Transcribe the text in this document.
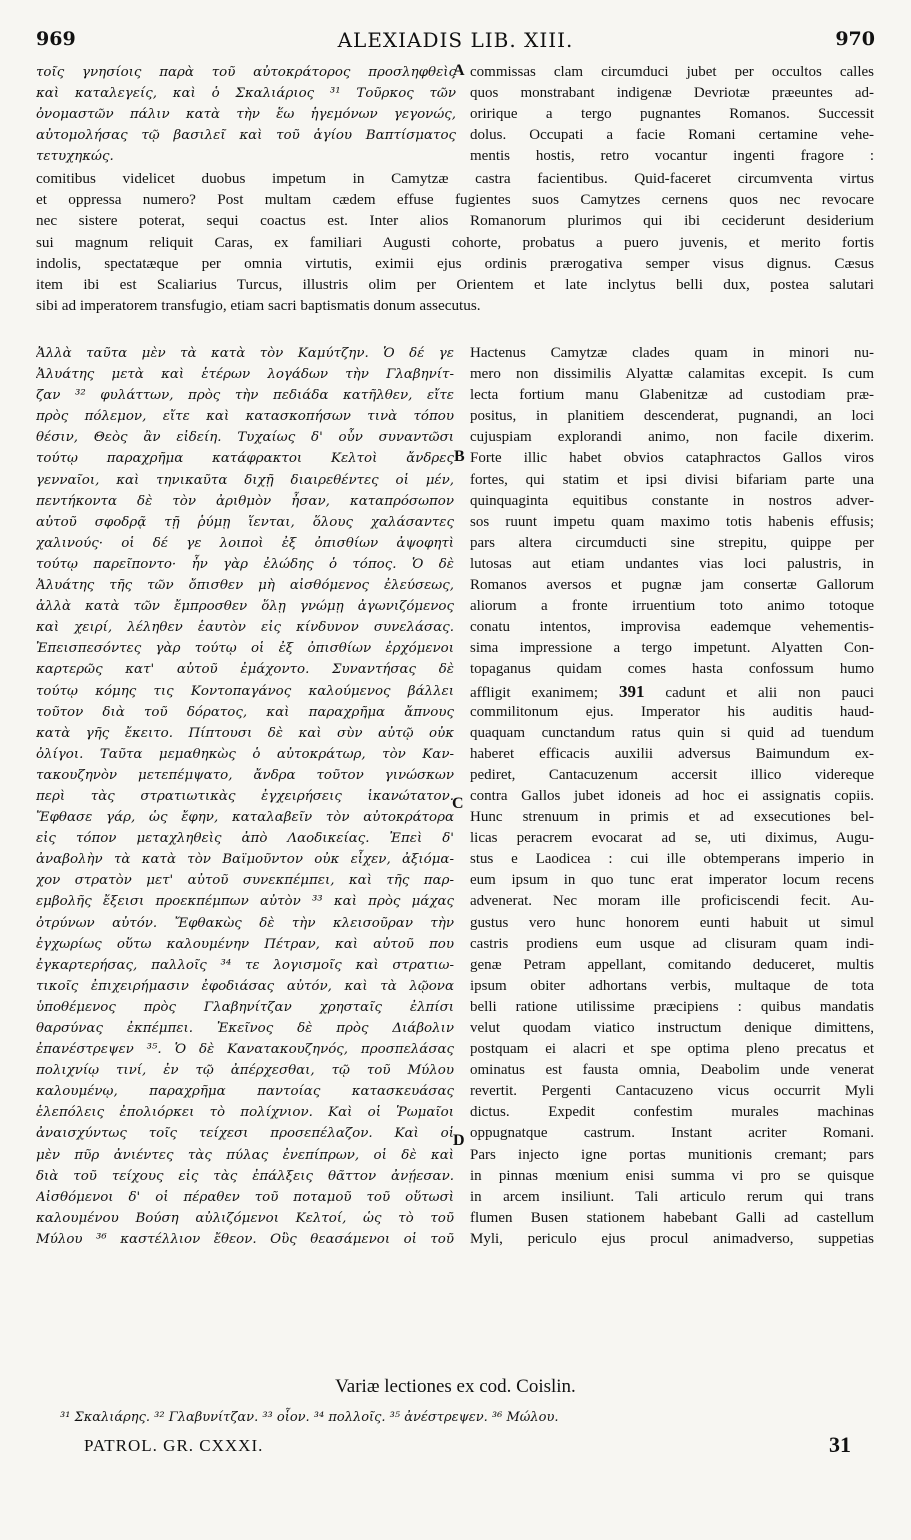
969	ALEXIADIS LIB. XIII.	970
τοῖς γνησίοις παρὰ τοῦ αὐτοκράτορος προσληφθεὶς
καὶ καταλεγείς, καὶ ὁ Σκαλιάριος ³¹ Τοῦρκος τῶν
ὀνομαστῶν πάλιν κατὰ τὴν ἕω ἡγεμόνων γεγονώς,
αὐτομολήσας τῷ βασιλεῖ καὶ τοῦ ἁγίου Βαπτίσματος
τετυχηκώς.
commissas clam circumduci jubet per occultos calles
quos monstrabant indigenæ Devriotæ præeuntes ad-
oririque a tergo pugnantes Romanos. Successit
dolus. Occupati a facie Romani certamine vehe-
mentis hostis, retro vocantur ingenti fragore :
A
comitibus videlicet duobus impetum in Camytzæ castra facientibus. Quid-faceret circumventa virtus
et oppressa numero? Post multam cædem effuse fugientes suos Camytzes cernens quos nec revocare
nec sistere poterat, sequi coactus est. Inter alios Romanorum plurimos qui ibi ceciderunt desiderium
sui magnum reliquit Caras, ex familiari Augusti cohorte, probatus a puero juvenis, et merito fortis
indolis, spectatæque per omnia virtutis, eximii ejus ordinis prærogativa semper visus dignus. Cæsus
item ibi est Scaliarius Turcus, illustris olim per Orientem et late inclytus belli dux, postea salutari
sibi ad imperatorem transfugio, etiam sacri baptismatis donum assecutus.
Ἀλλὰ ταῦτα μὲν τὰ κατὰ τὸν Καμύτζην. Ὁ δέ γε
Ἀλυάτης μετὰ καὶ ἑτέρων λογάδων τὴν Γλαβηνίτ-
ζαν ³² φυλάττων, πρὸς τὴν πεδιάδα κατῆλθεν, εἴτε
πρὸς πόλεμον, εἴτε καὶ κατασκοπήσων τινὰ τόπου
θέσιν, Θεὸς ἂν εἰδείη. Τυχαίως δ' οὖν συναντῶσι
τούτῳ παραχρῆμα κατάφρακτοι Κελτοὶ ἄνδρες
γενναῖοι, καὶ τηνικαῦτα διχῇ διαιρεθέντες οἱ μέν,
πεντήκοντα δὲ τὸν ἀριθμὸν ἦσαν, καταπρόσωπον
αὐτοῦ σφοδρᾷ τῇ ῥύμῃ ἵενται, ὅλους χαλάσαντες
χαλινούς· οἱ δέ γε λοιποὶ ἐξ ὀπισθίων ἀψοφητὶ
τούτῳ παρεῖποντο· ἦν γὰρ ἐλώδης ὁ τόπος. Ὁ δὲ
Ἀλυάτης τῆς τῶν ὄπισθεν μὴ αἰσθόμενος ἐλεύσεως,
ἀλλὰ κατὰ τῶν ἔμπροσθεν ὅλῃ γνώμῃ ἀγωνιζόμενος
καὶ χειρί, λέληθεν ἑαυτὸν εἰς κίνδυνον συνελάσας.
Ἐπεισπεσόντες γὰρ τούτῳ οἱ ἐξ ὀπισθίων ἐρχόμενοι
καρτερῶς κατ' αὐτοῦ ἐμάχοντο. Συναντήσας δὲ
τούτῳ κόμης τις Κοντοπαγάνος καλούμενος βάλλει
τοῦτον διὰ τοῦ δόρατος, καὶ παραχρῆμα ἄπνους
κατὰ γῆς ἔκειτο. Πίπτουσι δὲ καὶ σὺν αὐτῷ οὐκ
ὀλίγοι. Ταῦτα μεμαθηκὼς ὁ αὐτοκράτωρ, τὸν Καν-
τακουζηνὸν μετεπέμψατο, ἄνδρα τοῦτον γινώσκων
περὶ τὰς στρατιωτικὰς ἐγχειρήσεις ἱκανώτατον.
Ἔφθασε γάρ, ὡς ἔφην, καταλαβεῖν τὸν αὐτοκράτορα
εἰς τόπον μεταχληθεὶς ἀπὸ Λαοδικείας. Ἐπεὶ δ'
ἀναβολὴν τὰ κατὰ τὸν Βαϊμοῦντον οὐκ εἶχεν, ἀξιόμα-
χον στρατὸν μετ' αὐτοῦ συνεκπέμπει, καὶ τῆς παρ-
εμβολῆς ἔξεισι προεκπέμπων αὐτὸν ³³ καὶ πρὸς μάχας
ὀτρύνων αὐτόν. Ἔφθακὼς δὲ τὴν κλεισοῦραν τὴν
ἐγχωρίως οὕτω καλουμένην Πέτραν, καὶ αὐτοῦ που
ἐγκαρτερήσας, παλλοῖς ³⁴ τε λογισμοῖς καὶ στρατιω-
τικοῖς ἐπιχειρήμασιν ἐφοδιάσας αὐτόν, καὶ τὰ λῷονα
ὑποθέμενος πρὸς Γλαβηνίτζαν χρησταῖς ἐλπίσι
θαρσύνας ἐκπέμπει. Ἐκεῖνος δὲ πρὸς Διάβολιν
ἐπανέστρεψεν ³⁵. Ὁ δὲ Κανατακουζηνός, προσπελάσας
πολιχνίῳ τινί, ἐν τῷ ἀπέρχεσθαι, τῷ τοῦ Μύλου
καλουμένῳ, παραχρῆμα παντοίας κατασκευάσας
ἑλεπόλεις ἐπολιόρκει τὸ πολίχνιον. Καὶ οἱ Ῥωμαῖοι
ἀναισχύντως τοῖς τείχεσι προσεπέλαζον. Καὶ οἱ
μὲν πῦρ ἀνιέντες τὰς πύλας ἐνεπίπρων, οἱ δὲ καὶ
διὰ τοῦ τείχους εἰς τὰς ἐπάλξεις θᾶττον ἀνῄεσαν.
Αἰσθόμενοι δ' οἱ πέραθεν τοῦ ποταμοῦ τοῦ οὕτωσὶ
καλουμένου Βούση αὐλιζόμενοι Κελτοί, ὡς τὸ τοῦ
Μύλου ³⁶ καστέλλιον ἔθεον. Οὓς θεασάμενοι οἱ τοῦ
Hactenus Camytzæ clades quam in minori nu-
mero non dissimilis Alyattæ calamitas excepit. Is cum
lecta fortium manu Glabenitzæ ad custodiam præ-
positus, in planitiem descenderat, pugnandi, an loci
cujuspiam explorandi animo, non facile dixerim.
Forte illic habet obvios cataphractos Gallos viros
fortes, qui statim et ipsi divisi bifariam parte una
quinquaginta equitibus constante in nostros adver-
sos ruunt impetu quam maximo totis habenis effusis;
pars altera circumducti sine strepitu, quippe per
lutosas aut etiam undantes vias loci palustris, in
Romanos aversos et pugnæ jam consertæ Gallorum
aliorum a fronte irruentium toto animo totoque
conatu intentos, improvisa eademque vehementis-
sima impressione a tergo impetunt. Alyatten Con-
topaganus quidam comes hasta confossum humo
affligit exanimem; 391 cadunt et alii non pauci
commilitonum ejus. Imperator his auditis haud-
quaquam cunctandum ratus quin si quid ad tuendum
haberet efficacis auxilii adversus Baimundum ex-
pediret, Cantacuzenum accersit illico videreque
contra Gallos jubet idoneis ad hoc ei assignatis copiis.
Hunc strenuum in primis et ad exsecutiones bel-
licas peracrem evocarat ad se, uti diximus, Augu-
stus e Laodicea : cui ille obtemperans imperio in
eum ipsum in quo tunc erat imperator locum recens
advenerat. Nec moram ille proficiscendi fecit. Au-
gustus vero hunc honorem eunti habuit ut simul
castris prodiens eum usque ad clisuram quam indi-
genæ Petram appellant, comitando deduceret, multis
ipsum obiter adhortans verbis, multaque de tota
belli ratione utilissime præcipiens : quibus mandatis
velut quodam viatico instructum denique dimittens,
postquam ei alacri et spe optima pleno precatus et
ominatus est fausta omnia, Deabolim unde venerat
revertit. Pergenti Cantacuzeno vicus occurrit Myli
dictus. Expedit confestim murales machinas
oppugnatque castrum. Instant acriter Romani.
Pars injecto igne portas munitionis cremant; pars
in pinnas mœnium enisi summa vi pro se quisque
in arcem insiliunt. Tali articulo rerum qui trans
flumen Busen stationem habebant Galli ad castellum
Myli, periculo ejus procul animadverso, suppetias
B
C
D
Variæ lectiones ex cod. Coislin.
³¹ Σκαλιάρης. ³² Γλαβυνίτζαν. ³³ οἷον. ³⁴ πολλοῖς. ³⁵ ἀνέστρεψεν. ³⁶ Μώλου.
PATROL. GR. CXXXI.	31
